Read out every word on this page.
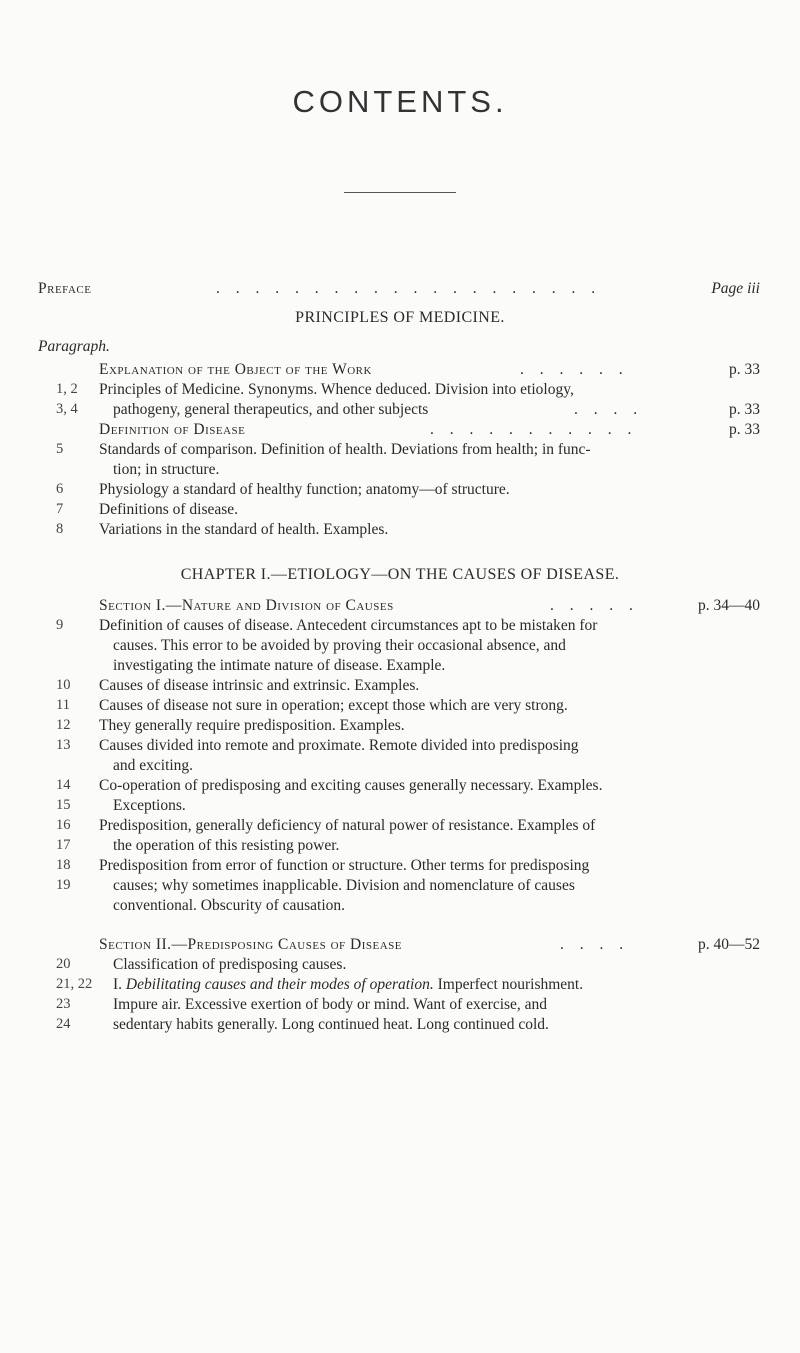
CONTENTS.
Preface	. . . . . . . . . . . . . . . . . . . .	Page iii
PRINCIPLES OF MEDICINE.
Paragraph.
Explanation of the Object of the Work	. . . . . .	p. 33
1, 2 Principles of Medicine. Synonyms. Whence deduced. Division into etiology,
3, 4 pathogeny, general therapeutics, and other subjects	. . . .	p. 33
Definition of Disease	. . . . . . . . . . .	p. 33
5 Standards of comparison. Definition of health. Deviations from health; in func-
tion; in structure.
6 Physiology a standard of healthy function; anatomy—of structure.
7 Definitions of disease.
8 Variations in the standard of health. Examples.
CHAPTER I.—ETIOLOGY—ON THE CAUSES OF DISEASE.
Section I.—Nature and Division of Causes	. . . . .	p. 34—40
9 Definition of causes of disease. Antecedent circumstances apt to be mistaken for
causes. This error to be avoided by proving their occasional absence, and
investigating the intimate nature of disease. Example.
10 Causes of disease intrinsic and extrinsic. Examples.
11 Causes of disease not sure in operation; except those which are very strong.
12 They generally require predisposition. Examples.
13 Causes divided into remote and proximate. Remote divided into predisposing
and exciting.
14 Co-operation of predisposing and exciting causes generally necessary. Examples.
15	Exceptions.
16 Predisposition, generally deficiency of natural power of resistance. Examples of
17	the operation of this resisting power.
18 Predisposition from error of function or structure. Other terms for predisposing
19	causes; why sometimes inapplicable. Division and nomenclature of causes
conventional. Obscurity of causation.
Section II.—Predisposing Causes of Disease	. . . .	p. 40—52
20	Classification of predisposing causes.
21, 22 I. Debilitating causes and their modes of operation. Imperfect nourishment.
23	Impure air. Excessive exertion of body or mind. Want of exercise, and
24	sedentary habits generally. Long continued heat. Long continued cold.
